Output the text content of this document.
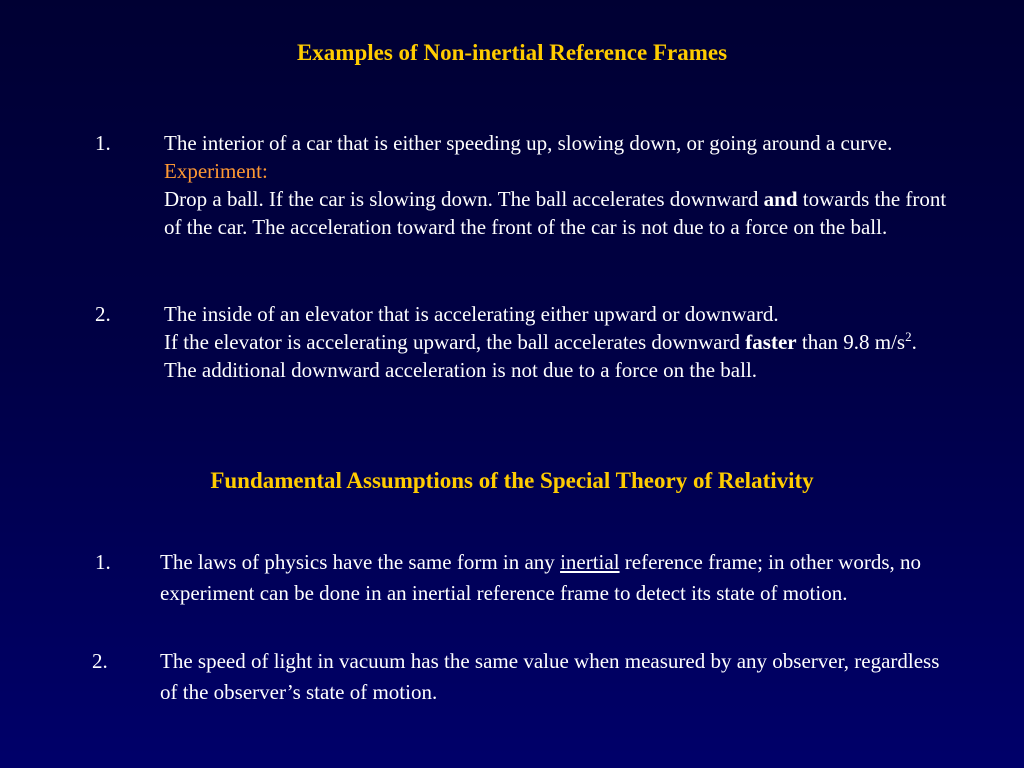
Examples of Non-inertial Reference Frames
1.	The interior of a car that is either speeding up, slowing down, or going around a curve.
Experiment:
Drop a ball. If the car is slowing down. The ball accelerates downward and towards the front of the car. The acceleration toward the front of the car is not due to a force on the ball.
2.	The inside of an elevator that is accelerating either upward or downward.
If the elevator is accelerating upward, the ball accelerates downward faster than 9.8 $m/s^2$. The additional downward acceleration is not due to a force on the ball.
Fundamental Assumptions of the Special Theory of Relativity
1. The laws of physics have the same form in any inertial reference frame; in other words, no experiment can be done in an inertial reference frame to detect its state of motion.
2. The speed of light in vacuum has the same value when measured by any observer, regardless of the observer’s state of motion.
